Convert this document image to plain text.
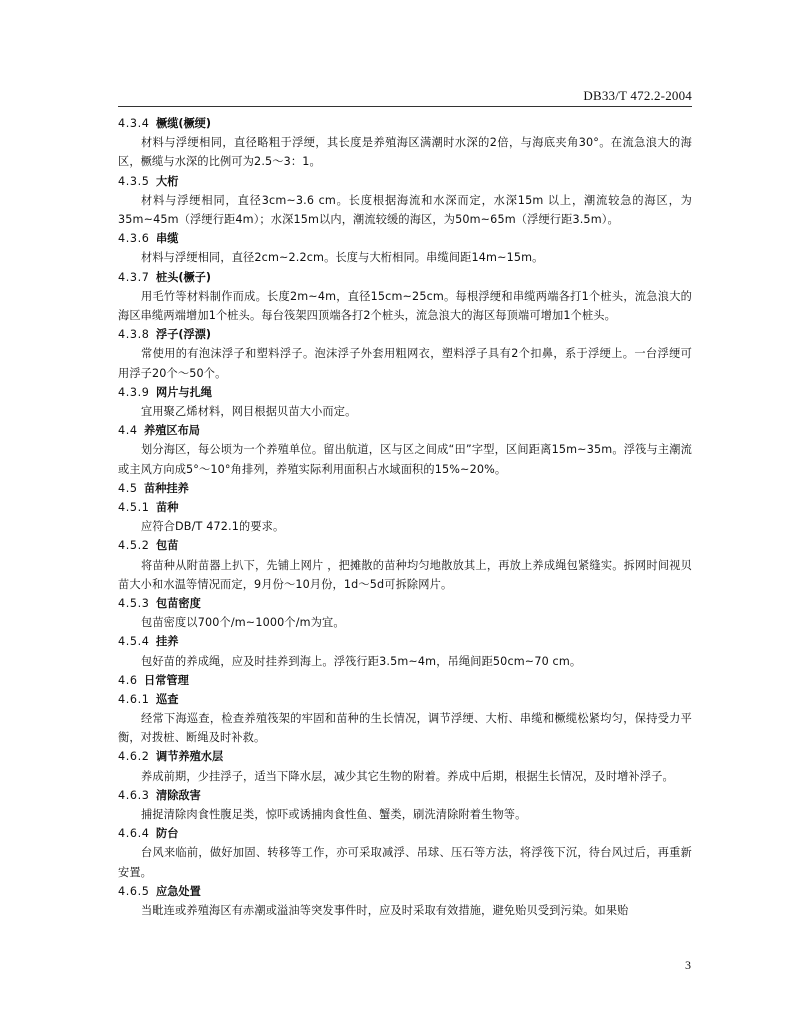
DB33/T 472.2-2004
4.3.4 橛缆(橛绠)
材料与浮绠相同，直径略粗于浮绠，其长度是养殖海区满潮时水深的2倍，与海底夹角30°。在流急浪大的海区，橛缆与水深的比例可为2.5～3：1。
4.3.5 大桁
材料与浮绠相同，直径3cm~3.6 cm。长度根据海流和水深而定，水深15m 以上，潮流较急的海区，为35m~45m（浮绠行距4m）；水深15m以内，潮流较缓的海区，为50m~65m（浮绠行距3.5m）。
4.3.6 串缆
材料与浮绠相同，直径2cm~2.2cm。长度与大桁相同。串缆间距14m~15m。
4.3.7 桩头(橛子)
用毛竹等材料制作而成。长度2m~4m，直径15cm~25cm。每根浮绠和串缆两端各打1个桩头，流急浪大的海区串缆两端增加1个桩头。每台筏架四顶端各打2个桩头，流急浪大的海区每顶端可增加1个桩头。
4.3.8 浮子(浮漂)
常使用的有泡沫浮子和塑料浮子。泡沫浮子外套用粗网衣，塑料浮子具有2个扣鼻，系于浮绠上。一台浮绠可用浮子20个～50个。
4.3.9 网片与扎绳
宜用聚乙烯材料，网目根据贝苗大小而定。
4.4 养殖区布局
划分海区，每公顷为一个养殖单位。留出航道，区与区之间成“田”字型，区间距离15m~35m。浮筏与主潮流或主风方向成5°～10°角排列，养殖实际利用面积占水域面积的15%~20%。
4.5 苗种挂养
4.5.1 苗种
应符合DB/T 472.1的要求。
4.5.2 包苗
将苗种从附苗器上扒下，先铺上网片 ，把摊散的苗种均匀地散放其上，再放上养成绳包紧缝实。拆网时间视贝苗大小和水温等情况而定，9月份～10月份，1d～5d可拆除网片。
4.5.3 包苗密度
包苗密度以700个/m~1000个/m为宜。
4.5.4 挂养
包好苗的养成绳，应及时挂养到海上。浮筏行距3.5m~4m，吊绳间距50cm~70 cm。
4.6 日常管理
4.6.1 巡查
经常下海巡查，检查养殖筏架的牢固和苗种的生长情况，调节浮绠、大桁、串缆和橛缆松紧均匀，保持受力平衡，对拨桩、断绳及时补救。
4.6.2 调节养殖水层
养成前期，少挂浮子，适当下降水层，减少其它生物的附着。养成中后期，根据生长情况，及时增补浮子。
4.6.3 清除敌害
捕捉清除肉食性腹足类，惊吓或诱捕肉食性鱼、蟹类，刷洗清除附着生物等。
4.6.4 防台
台风来临前，做好加固、转移等工作，亦可采取减浮、吊球、压石等方法，将浮筏下沉，待台风过后，再重新安置。
4.6.5 应急处置
当毗连或养殖海区有赤潮或溢油等突发事件时，应及时采取有效措施，避免贻贝受到污染。如果贻
3
